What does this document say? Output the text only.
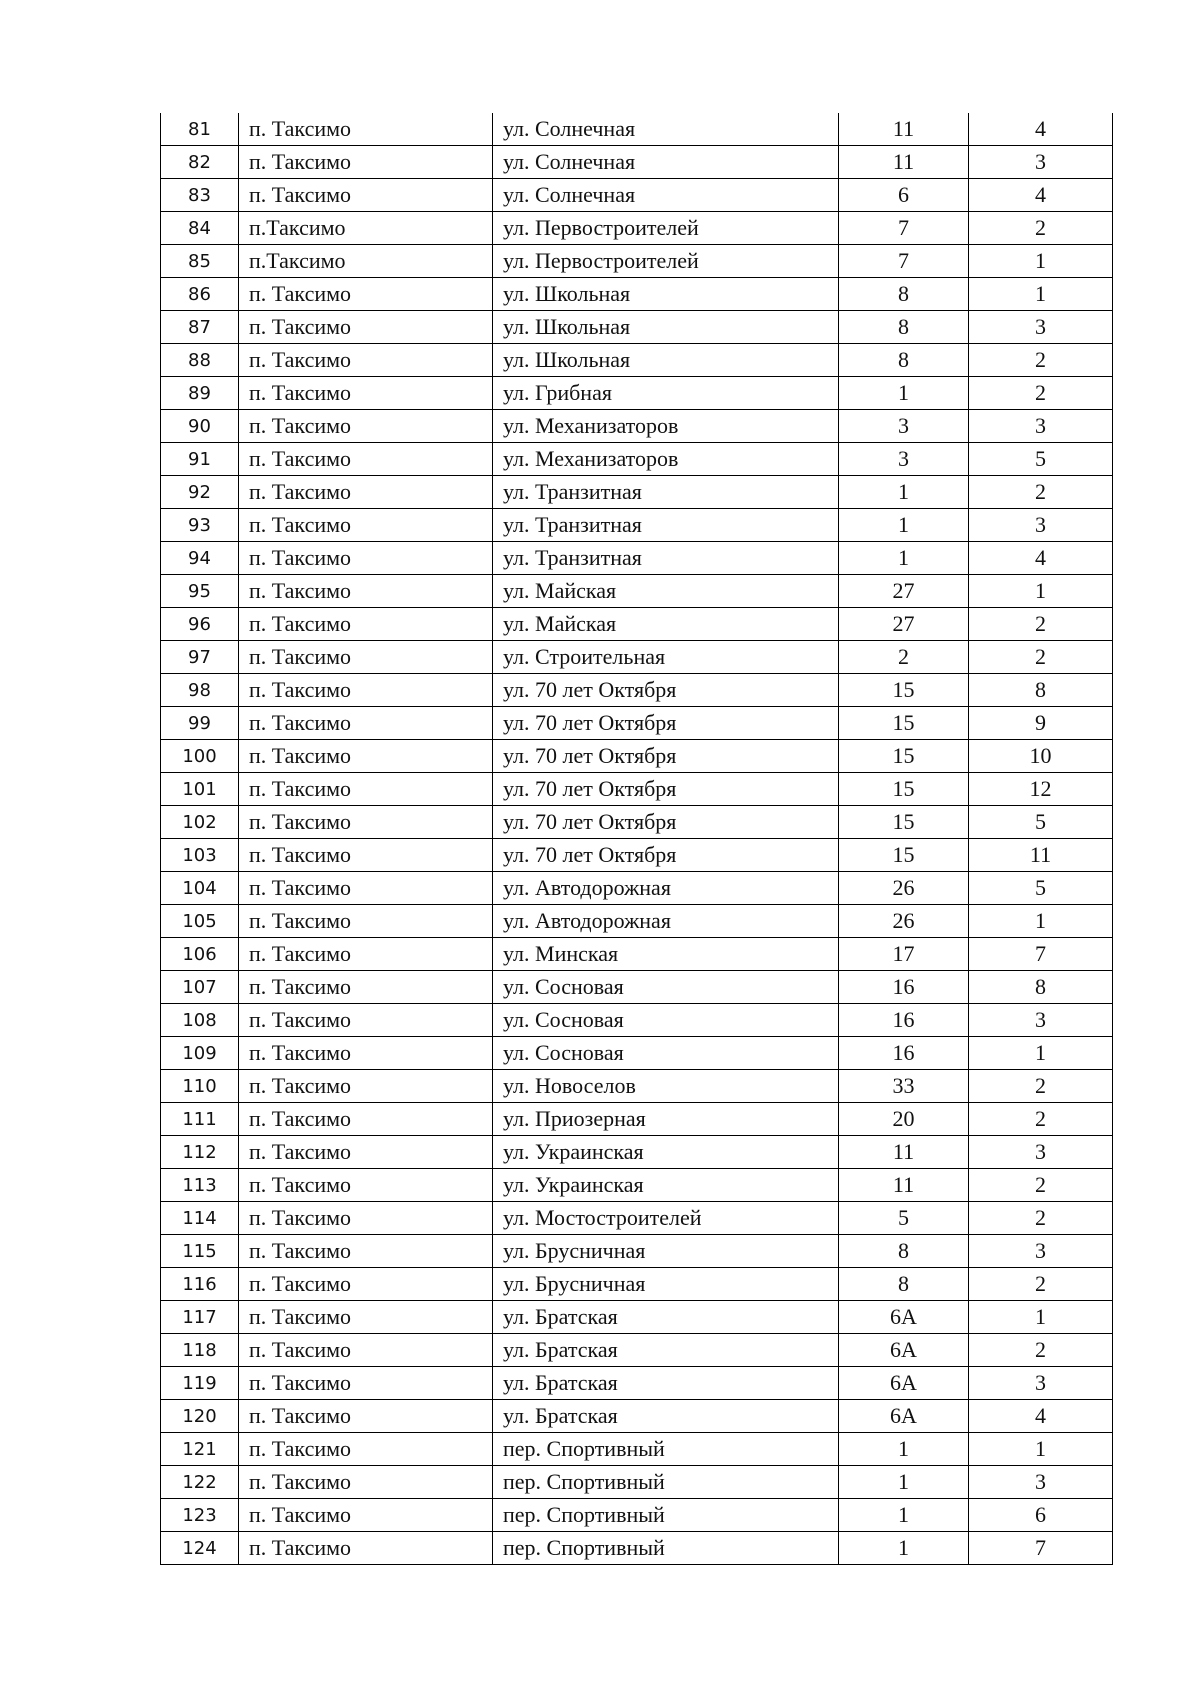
81	п. Таксимо	ул. Солнечная	11	4
82	п. Таксимо	ул. Солнечная	11	3
83	п. Таксимо	ул. Солнечная	6	4
84	п.Таксимо	ул. Первостроителей	7	2
85	п.Таксимо	ул. Первостроителей	7	1
86	п. Таксимо	ул. Школьная	8	1
87	п. Таксимо	ул. Школьная	8	3
88	п. Таксимо	ул. Школьная	8	2
89	п. Таксимо	ул. Грибная	1	2
90	п. Таксимо	ул. Механизаторов	3	3
91	п. Таксимо	ул. Механизаторов	3	5
92	п. Таксимо	ул. Транзитная	1	2
93	п. Таксимо	ул. Транзитная	1	3
94	п. Таксимо	ул. Транзитная	1	4
95	п. Таксимо	ул. Майская	27	1
96	п. Таксимо	ул. Майская	27	2
97	п. Таксимо	ул. Строительная	2	2
98	п. Таксимо	ул. 70 лет Октября	15	8
99	п. Таксимо	ул. 70 лет Октября	15	9
100	п. Таксимо	ул. 70 лет Октября	15	10
101	п. Таксимо	ул. 70 лет Октября	15	12
102	п. Таксимо	ул. 70 лет Октября	15	5
103	п. Таксимо	ул. 70 лет Октября	15	11
104	п. Таксимо	ул. Автодорожная	26	5
105	п. Таксимо	ул. Автодорожная	26	1
106	п. Таксимо	ул. Минская	17	7
107	п. Таксимо	ул. Сосновая	16	8
108	п. Таксимо	ул. Сосновая	16	3
109	п. Таксимо	ул. Сосновая	16	1
110	п. Таксимо	ул. Новоселов	33	2
111	п. Таксимо	ул. Приозерная	20	2
112	п. Таксимо	ул. Украинская	11	3
113	п. Таксимо	ул. Украинская	11	2
114	п. Таксимо	ул. Мостостроителей	5	2
115	п. Таксимо	ул. Брусничная	8	3
116	п. Таксимо	ул. Брусничная	8	2
117	п. Таксимо	ул. Братская	6А	1
118	п. Таксимо	ул. Братская	6А	2
119	п. Таксимо	ул. Братская	6А	3
120	п. Таксимо	ул. Братская	6А	4
121	п. Таксимо	пер. Спортивный	1	1
122	п. Таксимо	пер. Спортивный	1	3
123	п. Таксимо	пер. Спортивный	1	6
124	п. Таксимо	пер. Спортивный	1	7
